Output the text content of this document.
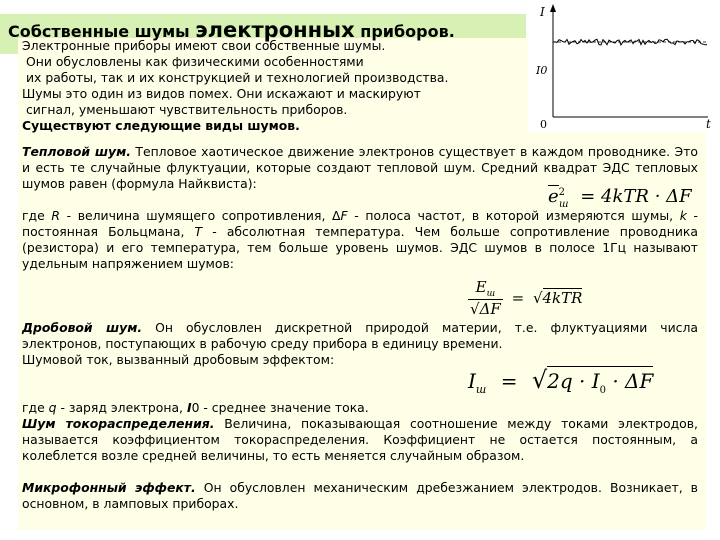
Собственные шумы электронных приборов.
I
I0
0	t

Электронные приборы имеют свои собственные шумы.

Они обусловлены как физическими особенностями

их работы, так и их конструкцией и технологией производства.

Шумы это один из видов помех. Они искажают и маскируют

сигнал, уменьшают чувствительность приборов.

Существуют следующие виды шумов.

Тепловой шум. Тепловое хаотическое движение электронов существует в каждом проводнике. Это и есть те случайные флуктуации, которые создают тепловой шум. Средний квадрат ЭДС тепловых шумов равен (формула Найквиста):

где R - величина шумящего сопротивления, ΔF - полоса частот, в которой измеряются шумы, k - постоянная Больцмана, T - абсолютная температура. Чем больше сопротивление проводника (резистора) и его температура, тем больше уровень шумов. ЭДС шумов в полосе 1Гц называют удельным напряжением шумов:

Дробовой шум. Он обусловлен дискретной природой материи, т.е. флуктуациями числа электронов, поступающих в рабочую среду прибора в единицу времени.

Шумовой ток, вызванный дробовым эффектом:

где q - заряд электрона, I0 - среднее значение тока.

Шум токораспределения. Величина, показывающая соотношение между токами электродов, называется коэффициентом токораспределения. Коэффициент не остается постоянным, а колеблется возле средней величины, то есть меняется случайным образом.

Микрофонный эффект. Он обусловлен механическим дребезжанием электродов. Возникает, в основном, в ламповых приборах.

$e^2_ш = 4kTR \cdot \Delta F$
$E_ш$
√ΔF
= √4kTR
$I_ш = √2q \cdot I_0 \cdot \Delta F$
